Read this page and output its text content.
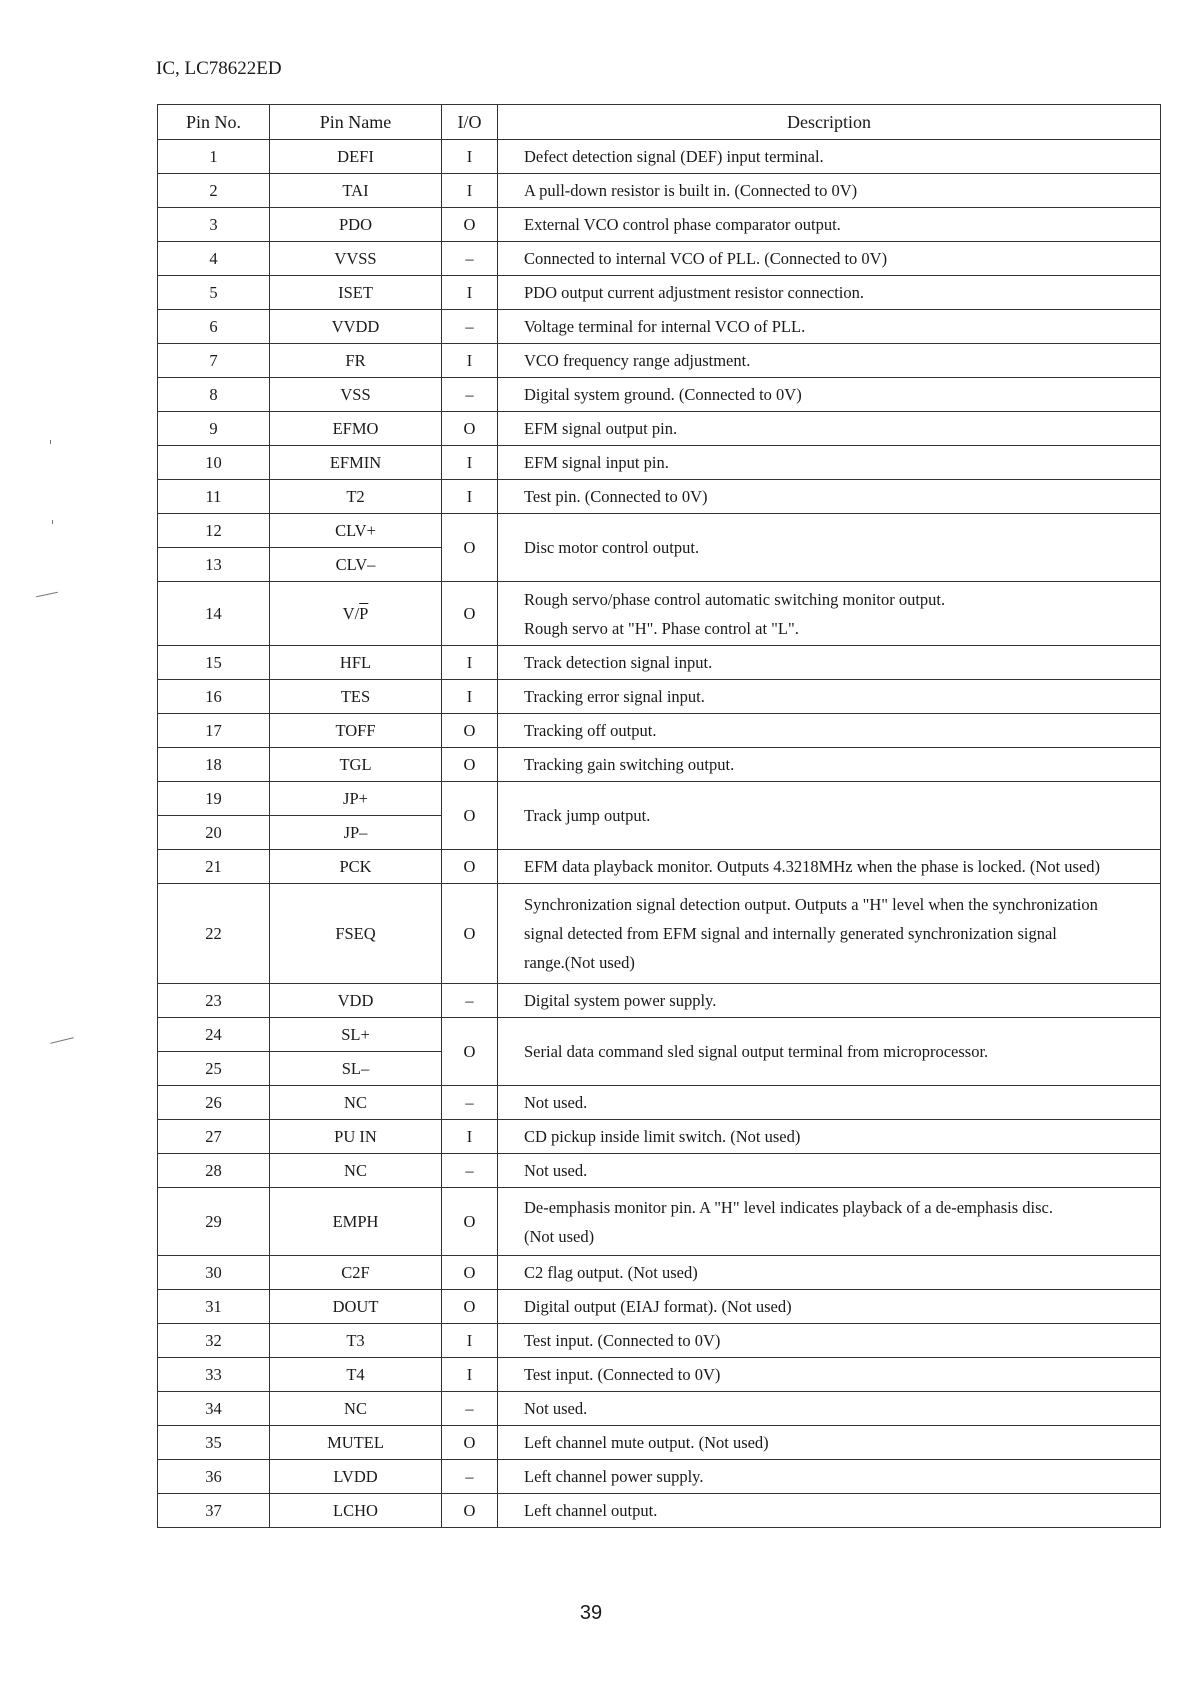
IC, LC78622ED
Pin No.	Pin Name	I/O	Description
1	DEFI	I	Defect detection signal (DEF) input terminal.
2	TAI	I	A pull-down resistor is built in. (Connected to 0V)
3	PDO	O	External VCO control phase comparator output.
4	VVSS	–	Connected to internal VCO of PLL. (Connected to 0V)
5	ISET	I	PDO output current adjustment resistor connection.
6	VVDD	–	Voltage terminal for internal VCO of PLL.
7	FR	I	VCO frequency range adjustment.
8	VSS	–	Digital system ground. (Connected to 0V)
9	EFMO	O	EFM signal output pin.
10	EFMIN	I	EFM signal input pin.
11	T2	I	Test pin. (Connected to 0V)
12	CLV+	O	Disc motor control output.
13	CLV–		
14	$V/\overline{P}$	O	Rough servo/phase control automatic switching monitor output.
Rough servo at "H". Phase control at "L".

15	HFL	I	Track detection signal input.
16	TES	I	Tracking error signal input.
17	TOFF	O	Tracking off output.
18	TGL	O	Tracking gain switching output.
19	JP+	O	Track jump output.
20	JP–		
21	PCK	O	EFM data playback monitor. Outputs 4.3218MHz when the phase is locked. (Not used)
22	FSEQ	O	Synchronization signal detection output. Outputs a "H" level when the synchronization
signal detected from EFM signal and internally generated synchronization signal
range.(Not used)

23	VDD	–	Digital system power supply.
24	SL+	O	Serial data command sled signal output terminal from microprocessor.
25	SL–		
26	NC	–	Not used.
27	PU IN	I	CD pickup inside limit switch. (Not used)
28	NC	–	Not used.
29	EMPH	O	De-emphasis monitor pin. A "H" level indicates playback of a de-emphasis disc.
(Not used)

30	C2F	O	C2 flag output. (Not used)
31	DOUT	O	Digital output (EIAJ format). (Not used)
32	T3	I	Test input. (Connected to 0V)
33	T4	I	Test input. (Connected to 0V)
34	NC	–	Not used.
35	MUTEL	O	Left channel mute output. (Not used)
36	LVDD	–	Left channel power supply.
37	LCHO	O	Left channel output.
39
